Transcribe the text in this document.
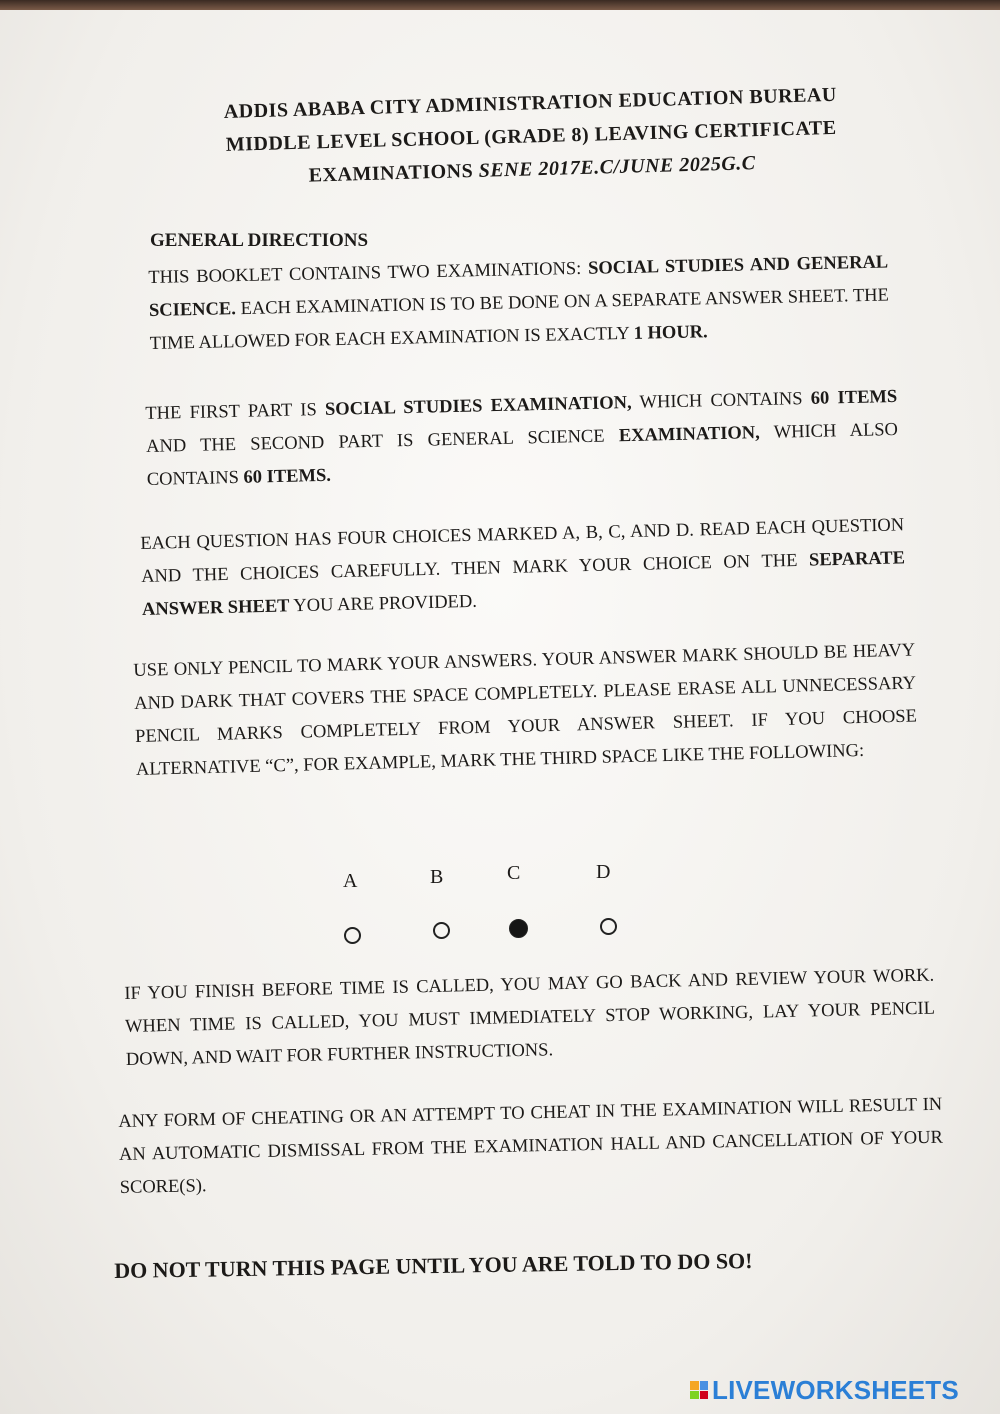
ADDIS ABABA CITY ADMINISTRATION EDUCATION BUREAU
MIDDLE LEVEL SCHOOL (GRADE 8) LEAVING CERTIFICATE
EXAMINATIONS SENE 2017E.C/JUNE 2025G.C
GENERAL DIRECTIONS
THIS BOOKLET CONTAINS TWO EXAMINATIONS: SOCIAL STUDIES AND GENERAL SCIENCE. EACH EXAMINATION IS TO BE DONE ON A SEPARATE ANSWER SHEET. THE TIME ALLOWED FOR EACH EXAMINATION IS EXACTLY 1 HOUR.
THE FIRST PART IS SOCIAL STUDIES EXAMINATION, WHICH CONTAINS 60 ITEMS AND THE SECOND PART IS GENERAL SCIENCE EXAMINATION, WHICH ALSO CONTAINS 60 ITEMS.
EACH QUESTION HAS FOUR CHOICES MARKED A, B, C, AND D. READ EACH QUESTION AND THE CHOICES CAREFULLY. THEN MARK YOUR CHOICE ON THE SEPARATE ANSWER SHEET YOU ARE PROVIDED.
USE ONLY PENCIL TO MARK YOUR ANSWERS. YOUR ANSWER MARK SHOULD BE HEAVY AND DARK THAT COVERS THE SPACE COMPLETELY. PLEASE ERASE ALL UNNECESSARY PENCIL MARKS COMPLETELY FROM YOUR ANSWER SHEET. IF YOU CHOOSE ALTERNATIVE “C”, FOR EXAMPLE, MARK THE THIRD SPACE LIKE THE FOLLOWING:
A	B	C	D
IF YOU FINISH BEFORE TIME IS CALLED, YOU MAY GO BACK AND REVIEW YOUR WORK. WHEN TIME IS CALLED, YOU MUST IMMEDIATELY STOP WORKING, LAY YOUR PENCIL DOWN, AND WAIT FOR FURTHER INSTRUCTIONS.
ANY FORM OF CHEATING OR AN ATTEMPT TO CHEAT IN THE EXAMINATION WILL RESULT IN AN AUTOMATIC DISMISSAL FROM THE EXAMINATION HALL AND CANCELLATION OF YOUR SCORE(S).
DO NOT TURN THIS PAGE UNTIL YOU ARE TOLD TO DO SO!
LIVEWORKSHEETS
